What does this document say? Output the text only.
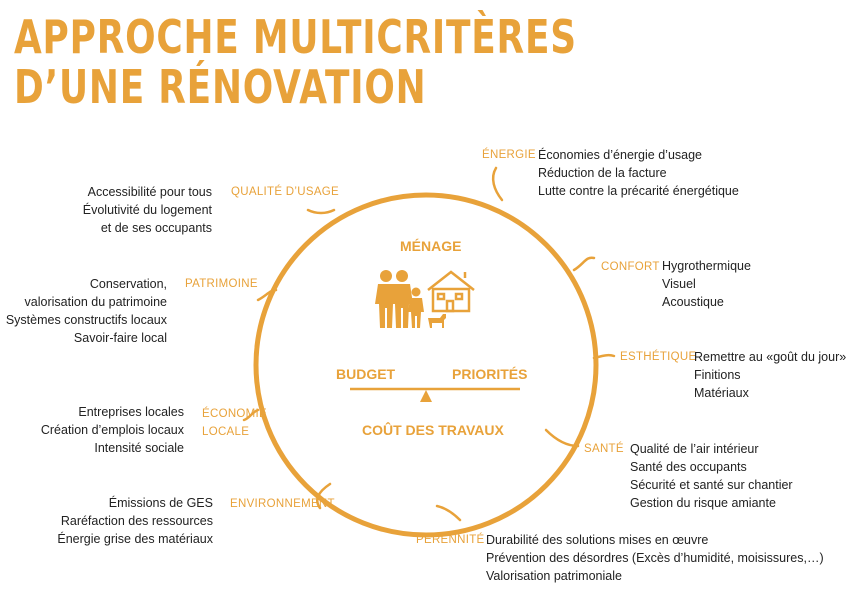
APPROCHE MULTICRITÈRES
D’UNE RÉNOVATION
MÉNAGE
BUDGET	PRIORITÉS
COÛT DES TRAVAUX
ÉNERGIE Économies d’énergie d’usage
Réduction de la facture
Lutte contre la précarité énergétique
CONFORT Hygrothermique
Visuel
Acoustique
ESTHÉTIQUE
Remettre au «goût du jour»
Finitions
Matériaux
SANTÉ Qualité de l’air intérieur
Santé des occupants
Sécurité et santé sur chantier
Gestion du risque amiante
PÉRENNITÉ Durabilité des solutions mises en œuvre
Prévention des désordres (Excès d’humidité, moisissures,…)
Valorisation patrimoniale
ENVIRONNEMENT
Émissions de GES
Raréfaction des ressources
Énergie grise des matériaux
ÉCONOMIE
LOCALE
Entreprises locales
Création d’emplois locaux
Intensité sociale
PATRIMOINE
Conservation,
valorisation du patrimoine
Systèmes constructifs locaux
Savoir-faire local
QUALITÉ D’USAGE
Accessibilité pour tous
Évolutivité du logement
et de ses occupants
